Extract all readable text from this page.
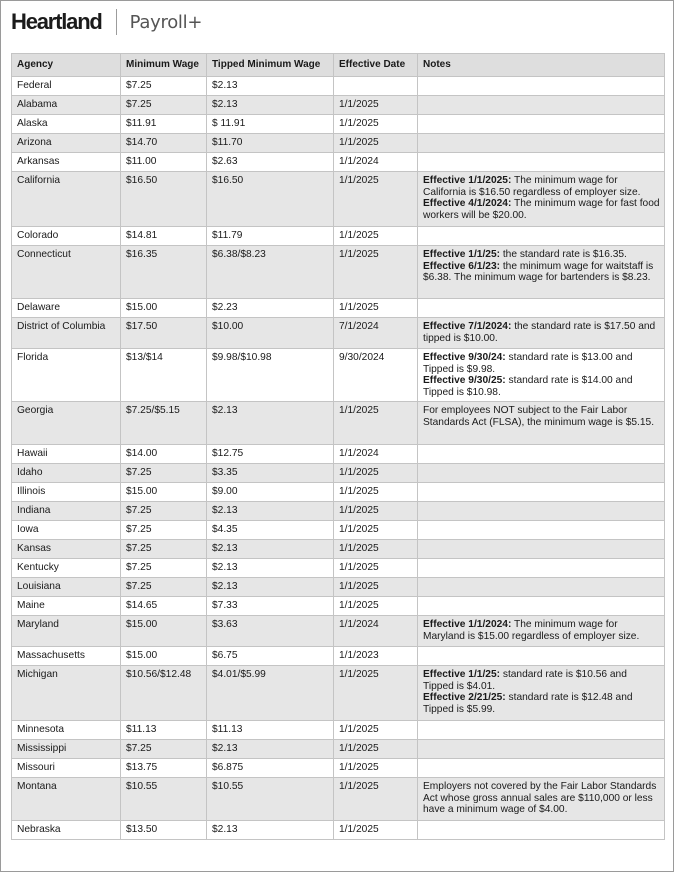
Heartland Payroll+
Agency	Minimum Wage	Tipped Minimum Wage	Effective Date	Notes
Federal	$7.25	$2.13		
Alabama	$7.25	$2.13	1/1/2025	
Alaska	$11.91	$ 11.91	1/1/2025	
Arizona	$14.70	$11.70	1/1/2025	
Arkansas	$11.00	$2.63	1/1/2024	
California	$16.50	$16.50	1/1/2025	Effective 1/1/2025: The minimum wage for California is $16.50 regardless of employer size.
Effective 4/1/2024: The minimum wage for fast food workers will be $20.00.

Colorado	$14.81	$11.79	1/1/2025	
Connecticut	$16.35	$6.38/$8.23	1/1/2025	Effective 1/1/25: the standard rate is $16.35.
Effective 6/1/23: the minimum wage for waitstaff is $6.38. The minimum wage for bartenders is $8.23.

Delaware	$15.00	$2.23	1/1/2025	
District of Columbia	$17.50	$10.00	7/1/2024	Effective 7/1/2024: the standard rate is $17.50 and tipped is $10.00.

Florida	$13/$14	$9.98/$10.98	9/30/2024	Effective 9/30/24: standard rate is $13.00 and Tipped is $9.98.
Effective 9/30/25: standard rate is $14.00 and Tipped is $10.98.

Georgia	$7.25/$5.15	$2.13	1/1/2025	For employees NOT subject to the Fair Labor Standards Act (FLSA), the minimum wage is $5.15.

Hawaii	$14.00	$12.75	1/1/2024	
Idaho	$7.25	$3.35	1/1/2025	
Illinois	$15.00	$9.00	1/1/2025	
Indiana	$7.25	$2.13	1/1/2025	
Iowa	$7.25	$4.35	1/1/2025	
Kansas	$7.25	$2.13	1/1/2025	
Kentucky	$7.25	$2.13	1/1/2025	
Louisiana	$7.25	$2.13	1/1/2025	
Maine	$14.65	$7.33	1/1/2025	
Maryland	$15.00	$3.63	1/1/2024	Effective 1/1/2024: The minimum wage for Maryland is $15.00 regardless of employer size.

Massachusetts	$15.00	$6.75	1/1/2023	
Michigan	$10.56/$12.48	$4.01/$5.99	1/1/2025	Effective 1/1/25: standard rate is $10.56 and Tipped is $4.01.
Effective 2/21/25: standard rate is $12.48 and Tipped is $5.99.

Minnesota	$11.13	$11.13	1/1/2025	
Mississippi	$7.25	$2.13	1/1/2025	
Missouri	$13.75	$6.875	1/1/2025	
Montana	$10.55	$10.55	1/1/2025	Employers not covered by the Fair Labor Standards Act whose gross annual sales are $110,000 or less have a minimum wage of $4.00.

Nebraska	$13.50	$2.13	1/1/2025	
